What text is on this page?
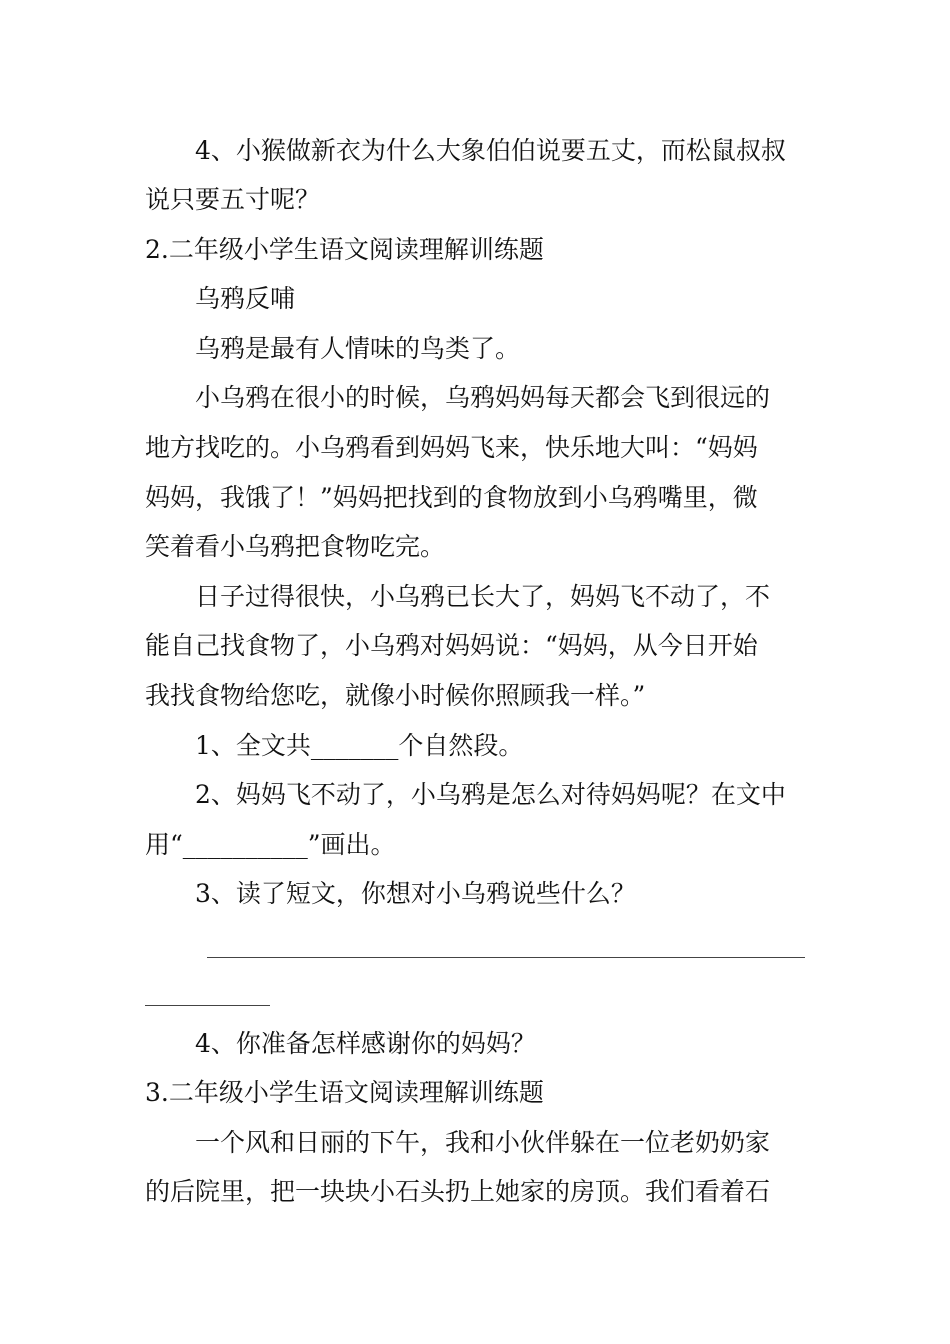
4、小猴做新衣为什么大象伯伯说要五丈，而松鼠叔叔
说只要五寸呢？
2.二年级小学生语文阅读理解训练题
乌鸦反哺
乌鸦是最有人情味的鸟类了。
小乌鸦在很小的时候，乌鸦妈妈每天都会飞到很远的
地方找吃的。小乌鸦看到妈妈飞来，快乐地大叫：“妈妈
妈妈，我饿了！”妈妈把找到的食物放到小乌鸦嘴里，微
笑着看小乌鸦把食物吃完。
日子过得很快，小乌鸦已长大了，妈妈飞不动了，不
能自己找食物了，小乌鸦对妈妈说：“妈妈，从今日开始
我找食物给您吃，就像小时候你照顾我一样。”
1、全文共_______个自然段。
2、妈妈飞不动了，小乌鸦是怎么对待妈妈呢？在文中
用“__________”画出。
3、读了短文，你想对小乌鸦说些什么？
4、你准备怎样感谢你的妈妈？
3.二年级小学生语文阅读理解训练题
一个风和日丽的下午，我和小伙伴躲在一位老奶奶家
的后院里，把一块块小石头扔上她家的房顶。我们看着石
